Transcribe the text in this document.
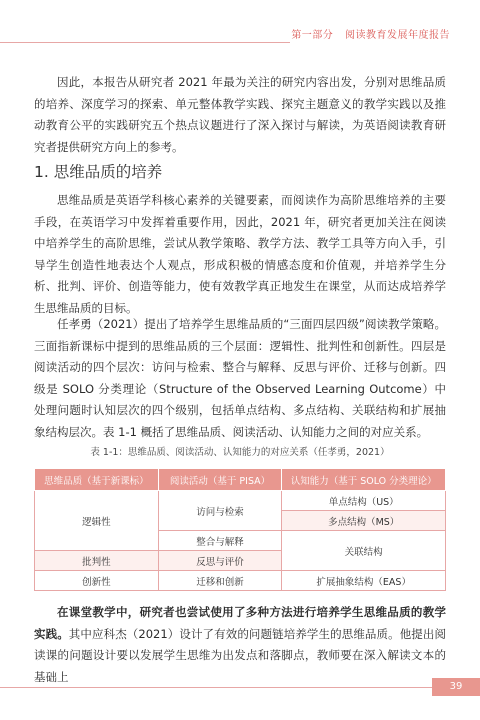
第一部分 阅读教育发展年度报告

因此，本报告从研究者 2021 年最为关注的研究内容出发，分别对思维品质的培养、深度学习的探索、单元整体教学实践、探究主题意义的教学实践以及推动教育公平的实践研究五个热点议题进行了深入探讨与解读，为英语阅读教育研究者提供研究方向上的参考。

1. 思维品质的培养

思维品质是英语学科核心素养的关键要素，而阅读作为高阶思维培养的主要手段，在英语学习中发挥着重要作用，因此，2021 年，研究者更加关注在阅读中培养学生的高阶思维，尝试从教学策略、教学方法、教学工具等方向入手，引导学生创造性地表达个人观点，形成积极的情感态度和价值观，并培养学生分析、批判、评价、创造等能力，使有效教学真正地发生在课堂，从而达成培养学生思维品质的目标。

任孝勇（2021）提出了培养学生思维品质的“三面四层四级”阅读教学策略。三面指新课标中提到的思维品质的三个层面：逻辑性、批判性和创新性。四层是阅读活动的四个层次：访问与检索、整合与解释、反思与评价、迁移与创新。四级是 SOLO 分类理论（Structure of the Observed Learning Outcome）中处理问题时认知层次的四个级别，包括单点结构、多点结构、关联结构和扩展抽象结构层次。表 1-1 概括了思维品质、阅读活动、认知能力之间的对应关系。

表 1-1：思维品质、阅读活动、认知能力的对应关系（任孝勇，2021）
思维品质（基于新课标）	阅读活动（基于 PISA）	认知能力（基于 SOLO 分类理论）
逻辑性	访问与检索	单点结构（US）
		多点结构（MS）
	整合与解释	关联结构
批判性	反思与评价	
创新性	迁移和创新	扩展抽象结构（EAS）

在课堂教学中，研究者也尝试使用了多种方法进行培养学生思维品质的教学实践。其中应科杰（2021）设计了有效的问题链培养学生的思维品质。他提出阅读课的问题设计要以发展学生思维为出发点和落脚点，教师要在深入解读文本的基础上

39
